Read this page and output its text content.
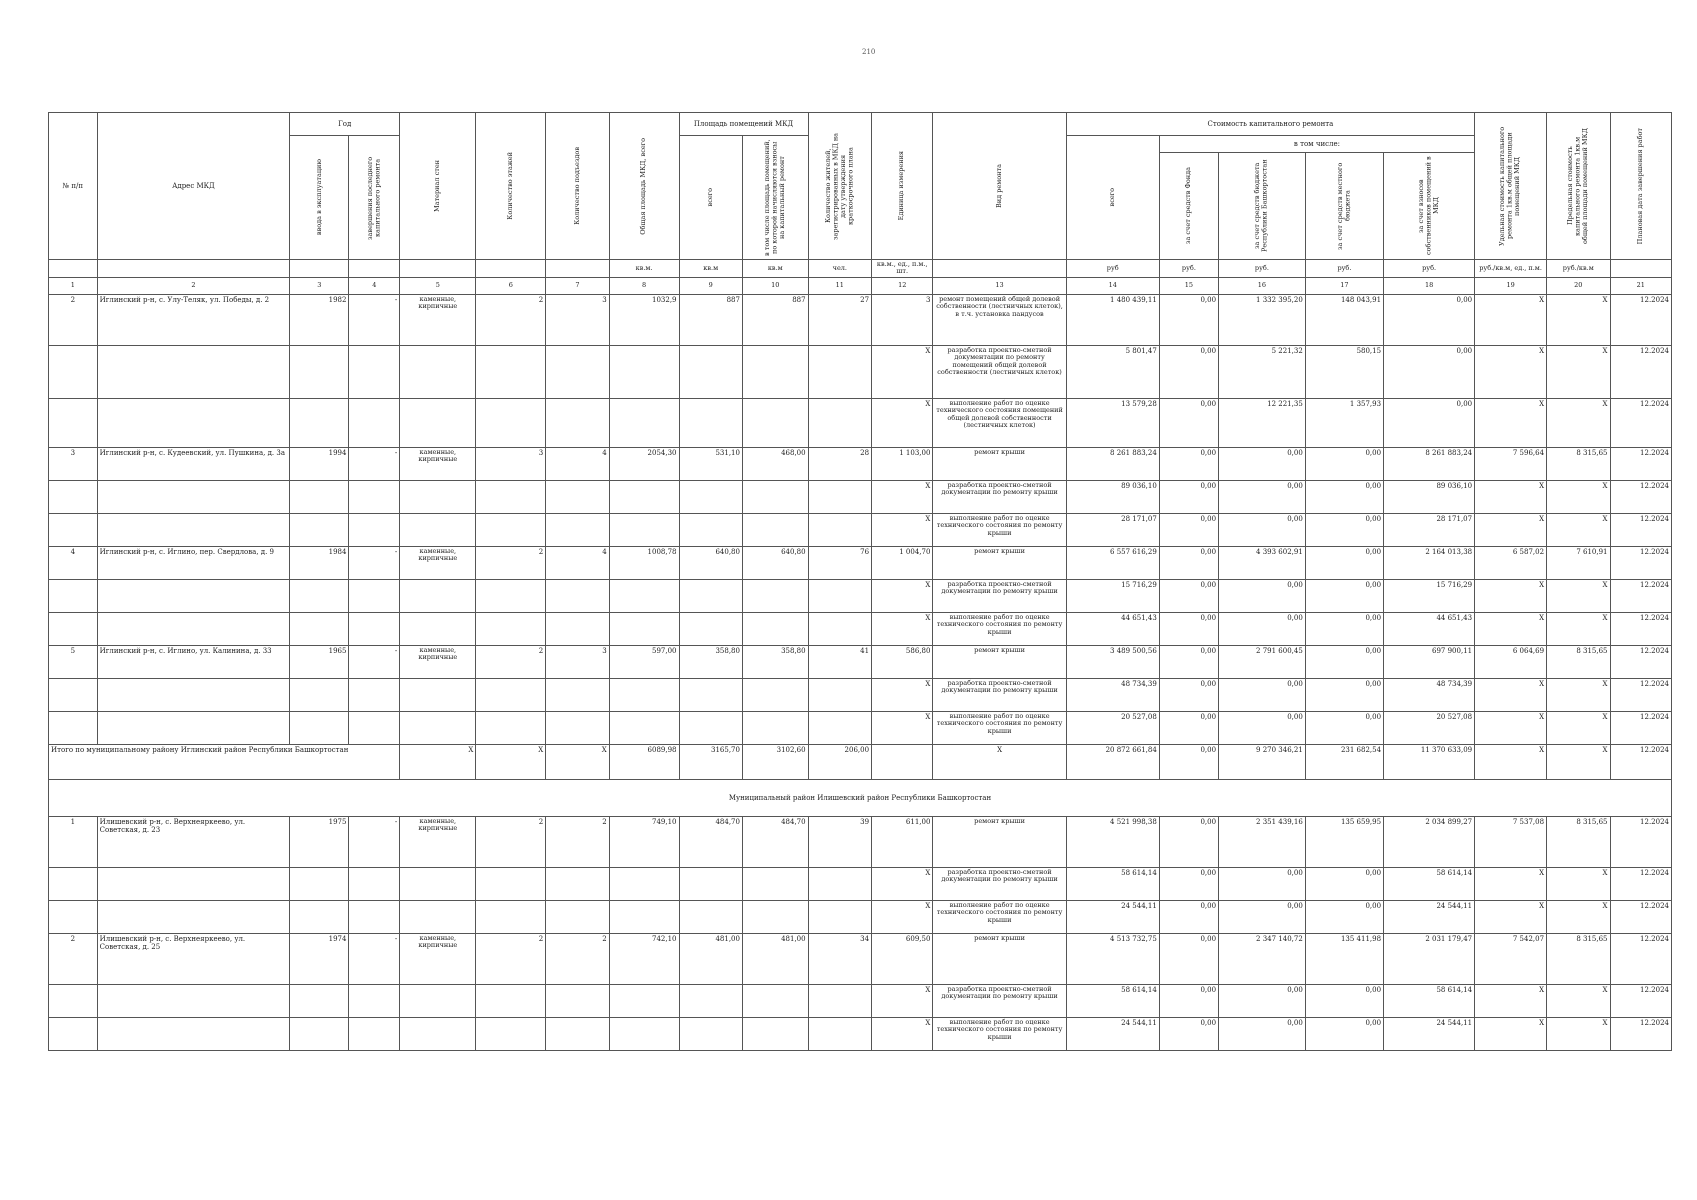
210
№ п/п	Адрес МКД	Год		Материал стен	Количество этажей	Количество подъездов	Общая площадь МКД, всего	Площадь помещений МКД		Количество жителей, зарегистрированных в МКД на дату утверждения краткосрочного плана	Единица измерения	Вид ремонта	Стоимость капитального ремонта					Удельная стоимость капитального ремонта 1кв.м общей площади помещений МКД	Предельная стоимость капитального ремонта 1кв.м общей площади помещений МКД	Плановая дата завершения работ

		ввода в эксплуатацию	завершения последнего капитального ремонта					всего	в том числе площадь помещений, по которой начисляются взносы на капитальный ремонт				всего	в том числе:						

														за счет средств Фонда	за счет средств бюджета Республики Башкортостан	за счет средств местного бюджета	за счет взносов собственников помещений в МКД			

							кв.м.	кв.м	кв.м	чел.	кв.м., ед., п.м., шт.		руб	руб.	руб.	руб.	руб.	руб./кв.м, ед., п.м.	руб./кв.м	
1	2	3	4	5	6	7	8	9	10	11	12	13	14	15	16	17	18	19	20	21
2	Иглинский р-н, с. Улу-Теляк, ул. Победы, д. 2	1982	-	каменные, кирпичные	2	3	1032,9	887	887	27	3	ремонт помещений общей долевой собственности (лестничных клеток), в т.ч. установка пандусов	1 480 439,11	0,00	1 332 395,20	148 043,91	0,00	X	X	12.2024
											X	разработка проектно-сметной документации по ремонту помещений общей долевой собственности (лестничных клеток)	5 801,47	0,00	5 221,32	580,15	0,00	X	X	12.2024
											X	выполнение работ по оценке технического состояния помещений общей долевой собственности (лестничных клеток)	13 579,28	0,00	12 221,35	1 357,93	0,00	X	X	12.2024
3	Иглинский р-н, с. Кудеевский, ул. Пушкина, д. 3а	1994	-	каменные, кирпичные	3	4	2054,30	531,10	468,00	28	1 103,00	ремонт крыши	8 261 883,24	0,00	0,00	0,00	8 261 883,24	7 596,64	8 315,65	12.2024
											X	разработка проектно-сметной документации по ремонту крыши	89 036,10	0,00	0,00	0,00	89 036,10	X	X	12.2024
											X	выполнение работ по оценке технического состояния по ремонту крыши	28 171,07	0,00	0,00	0,00	28 171,07	X	X	12.2024
4	Иглинский р-н, с. Иглино, пер. Свердлова, д. 9	1984	-	каменные, кирпичные	2	4	1008,78	640,80	640,80	76	1 004,70	ремонт крыши	6 557 616,29	0,00	4 393 602,91	0,00	2 164 013,38	6 587,02	7 610,91	12.2024
											X	разработка проектно-сметной документации по ремонту крыши	15 716,29	0,00	0,00	0,00	15 716,29	X	X	12.2024
											X	выполнение работ по оценке технического состояния по ремонту крыши	44 651,43	0,00	0,00	0,00	44 651,43	X	X	12.2024
5	Иглинский р-н, с. Иглино, ул. Калинина, д. 33	1965	-	каменные, кирпичные	2	3	597,00	358,80	358,80	41	586,80	ремонт крыши	3 489 500,56	0,00	2 791 600,45	0,00	697 900,11	6 064,69	8 315,65	12.2024
											X	разработка проектно-сметной документации по ремонту крыши	48 734,39	0,00	0,00	0,00	48 734,39	X	X	12.2024
											X	выполнение работ по оценке технического состояния по ремонту крыши	20 527,08	0,00	0,00	0,00	20 527,08	X	X	12.2024
Итого по муниципальному району Иглинский район Республики Башкортостан				X	X	X	6089,98	3165,70	3102,60	206,00		X	20 872 661,84	0,00	9 270 346,21	231 682,54	11 370 633,09	X	X	12.2024
Муниципальный район Илишевский район Республики Башкортостан																				
1	Илишевский р-н, с. Верхнеяркеево, ул. Советская, д. 23	1975	-	каменные, кирпичные	2	2	749,10	484,70	484,70	39	611,00	ремонт крыши	4 521 998,38	0,00	2 351 439,16	135 659,95	2 034 899,27	7 537,08	8 315,65	12.2024
											X	разработка проектно-сметной документации по ремонту крыши	58 614,14	0,00	0,00	0,00	58 614,14	X	X	12.2024
											X	выполнение работ по оценке технического состояния по ремонту крыши	24 544,11	0,00	0,00	0,00	24 544,11	X	X	12.2024
2	Илишевский р-н, с. Верхнеяркеево, ул. Советская, д. 25	1974	-	каменные, кирпичные	2	2	742,10	481,00	481,00	34	609,50	ремонт крыши	4 513 732,75	0,00	2 347 140,72	135 411,98	2 031 179,47	7 542,07	8 315,65	12.2024
											X	разработка проектно-сметной документации по ремонту крыши	58 614,14	0,00	0,00	0,00	58 614,14	X	X	12.2024
											X	выполнение работ по оценке технического состояния по ремонту крыши	24 544,11	0,00	0,00	0,00	24 544,11	X	X	12.2024
